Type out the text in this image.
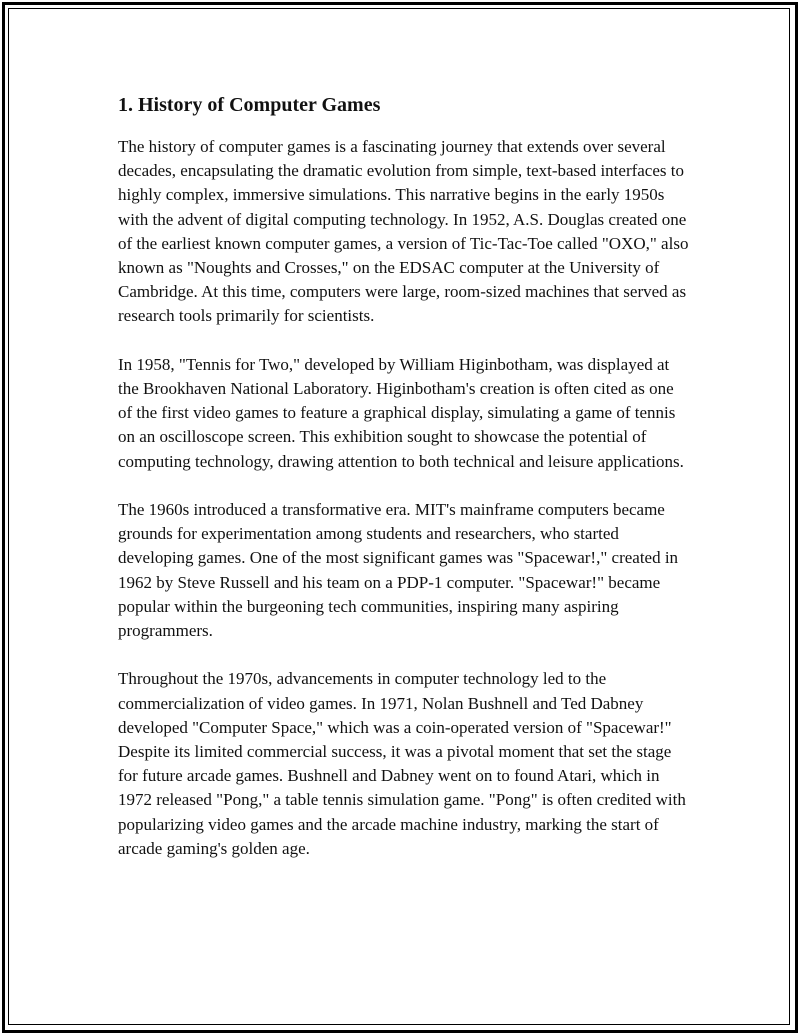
1. History of Computer Games

The history of computer games is a fascinating journey that extends over several decades, encapsulating the dramatic evolution from simple, text-based interfaces to highly complex, immersive simulations. This narrative begins in the early 1950s with the advent of digital computing technology. In 1952, A.S. Douglas created one of the earliest known computer games, a version of Tic-Tac-Toe called "OXO," also known as "Noughts and Crosses," on the EDSAC computer at the University of Cambridge. At this time, computers were large, room-sized machines that served as research tools primarily for scientists.

In 1958, "Tennis for Two," developed by William Higinbotham, was displayed at the Brookhaven National Laboratory. Higinbotham's creation is often cited as one of the first video games to feature a graphical display, simulating a game of tennis on an oscilloscope screen. This exhibition sought to showcase the potential of computing technology, drawing attention to both technical and leisure applications.

The 1960s introduced a transformative era. MIT's mainframe computers became grounds for experimentation among students and researchers, who started developing games. One of the most significant games was "Spacewar!," created in 1962 by Steve Russell and his team on a PDP-1 computer. "Spacewar!" became popular within the burgeoning tech communities, inspiring many aspiring programmers.

Throughout the 1970s, advancements in computer technology led to the commercialization of video games. In 1971, Nolan Bushnell and Ted Dabney developed "Computer Space," which was a coin-operated version of "Spacewar!" Despite its limited commercial success, it was a pivotal moment that set the stage for future arcade games. Bushnell and Dabney went on to found Atari, which in 1972 released "Pong," a table tennis simulation game. "Pong" is often credited with popularizing video games and the arcade machine industry, marking the start of arcade gaming's golden age.
